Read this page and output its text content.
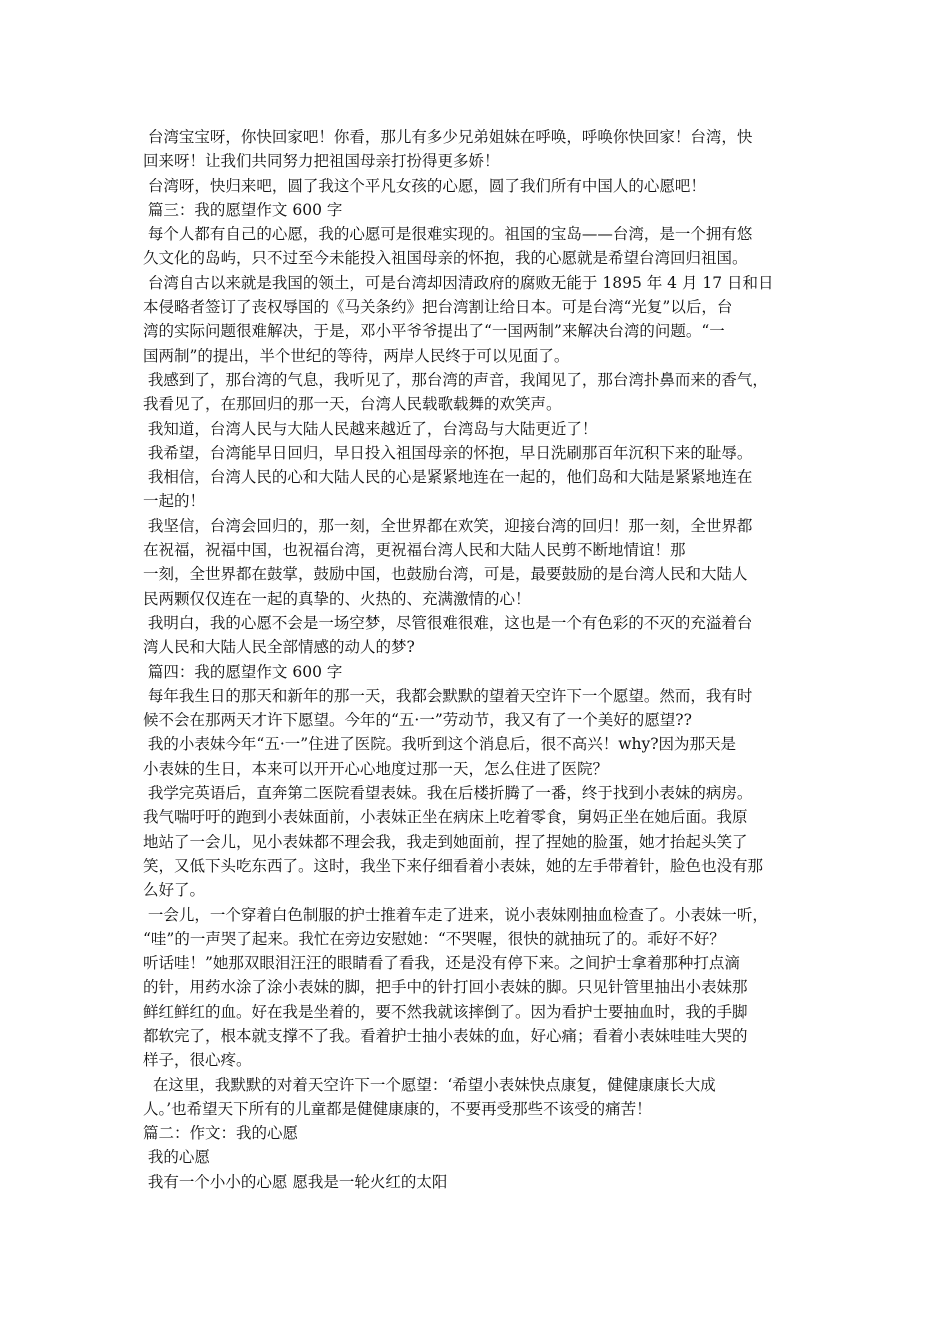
台湾宝宝呀，你快回家吧！你看，那儿有多少兄弟姐妹在呼唤，呼唤你快回家！台湾，快
回来呀！让我们共同努力把祖国母亲打扮得更多娇！
台湾呀，快归来吧，圆了我这个平凡女孩的心愿，圆了我们所有中国人的心愿吧！
篇三：我的愿望作文 600 字
每个人都有自己的心愿，我的心愿可是很难实现的。祖国的宝岛——台湾，是一个拥有悠
久文化的岛屿，只不过至今未能投入祖国母亲的怀抱，我的心愿就是希望台湾回归祖国。
台湾自古以来就是我国的领土，可是台湾却因清政府的腐败无能于 1895 年 4 月 17 日和日
本侵略者签订了丧权辱国的《马关条约》把台湾割让给日本。可是台湾“光复”以后，台
湾的实际问题很难解决，于是，邓小平爷爷提出了“一国两制”来解决台湾的问题。“一
国两制”的提出，半个世纪的等待，两岸人民终于可以见面了。
我感到了，那台湾的气息，我听见了，那台湾的声音，我闻见了，那台湾扑鼻而来的香气，
我看见了，在那回归的那一天，台湾人民载歌载舞的欢笑声。
我知道，台湾人民与大陆人民越来越近了，台湾岛与大陆更近了！
我希望，台湾能早日回归，早日投入祖国母亲的怀抱，早日洗刷那百年沉积下来的耻辱。
我相信，台湾人民的心和大陆人民的心是紧紧地连在一起的，他们岛和大陆是紧紧地连在
一起的！
我坚信，台湾会回归的，那一刻，全世界都在欢笑，迎接台湾的回归！那一刻，全世界都
在祝福，祝福中国，也祝福台湾，更祝福台湾人民和大陆人民剪不断地情谊！那
一刻，全世界都在鼓掌，鼓励中国，也鼓励台湾，可是，最要鼓励的是台湾人民和大陆人
民两颗仅仅连在一起的真挚的、火热的、充满激情的心！
我明白，我的心愿不会是一场空梦，尽管很难很难，这也是一个有色彩的不灭的充溢着台
湾人民和大陆人民全部情感的动人的梦?
篇四：我的愿望作文 600 字
每年我生日的那天和新年的那一天，我都会默默的望着天空许下一个愿望。然而，我有时
候不会在那两天才许下愿望。今年的“五·一”劳动节，我又有了一个美好的愿望??
我的小表妹今年“五·一”住进了医院。我听到这个消息后，很不高兴！why?因为那天是
小表妹的生日，本来可以开开心心地度过那一天，怎么住进了医院？
我学完英语后，直奔第二医院看望表妹。我在后楼折腾了一番，终于找到小表妹的病房。
我气喘吁吁的跑到小表妹面前，小表妹正坐在病床上吃着零食，舅妈正坐在她后面。我原
地站了一会儿，见小表妹都不理会我，我走到她面前，捏了捏她的脸蛋，她才抬起头笑了
笑，又低下头吃东西了。这时，我坐下来仔细看着小表妹，她的左手带着针，脸色也没有那
么好了。
一会儿，一个穿着白色制服的护士推着车走了进来，说小表妹刚抽血检查了。小表妹一听，
“哇”的一声哭了起来。我忙在旁边安慰她：“不哭喔，很快的就抽玩了的。乖好不好？
听话哇！”她那双眼泪汪汪的眼睛看了看我，还是没有停下来。之间护士拿着那种打点滴
的针，用药水涂了涂小表妹的脚，把手中的针打回小表妹的脚。只见针管里抽出小表妹那
鲜红鲜红的血。好在我是坐着的，要不然我就该摔倒了。因为看护士要抽血时，我的手脚
都软完了，根本就支撑不了我。看着护士抽小表妹的血，好心痛；看着小表妹哇哇大哭的
样子，很心疼。
在这里，我默默的对着天空许下一个愿望：‘希望小表妹快点康复，健健康康长大成
人。’也希望天下所有的儿童都是健健康康的，不要再受那些不该受的痛苦！
篇二：作文：我的心愿
我的心愿
我有一个小小的心愿 愿我是一轮火红的太阳
